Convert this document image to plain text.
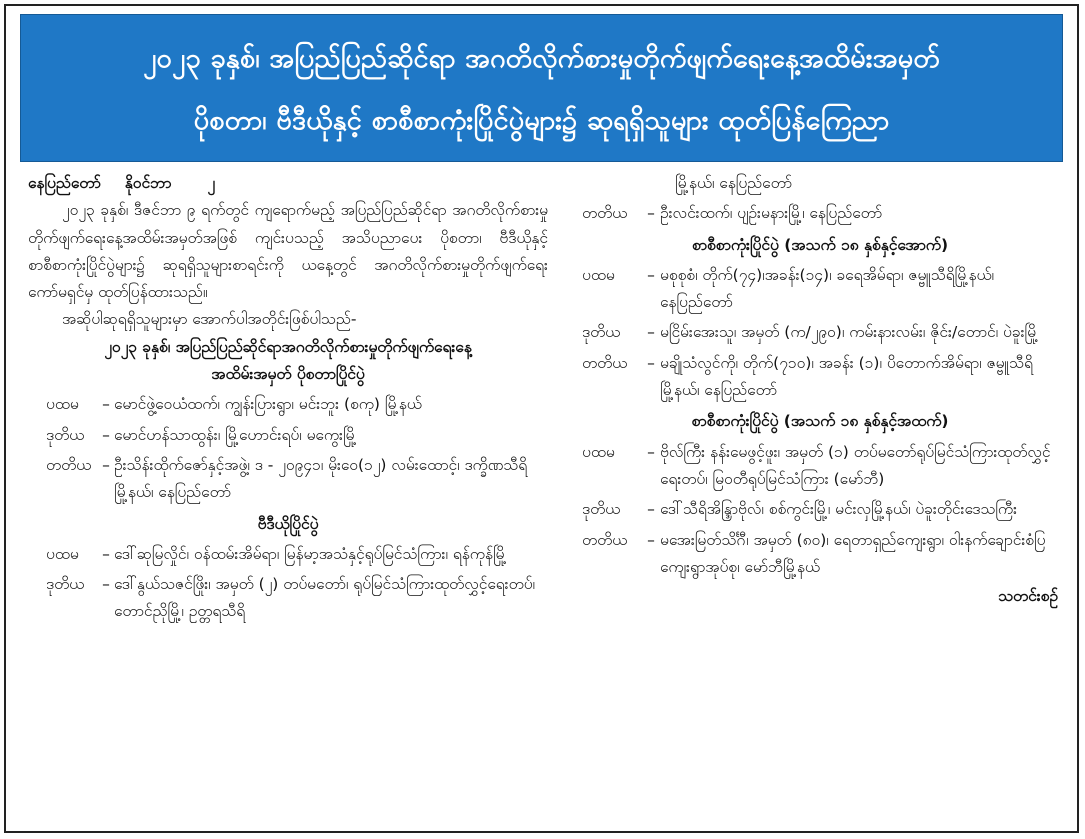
၂၀၂၃ ခုနှစ်၊ အပြည်ပြည်ဆိုင်ရာ အဂတိလိုက်စားမှုတိုက်ဖျက်ရေးနေ့အထိမ်းအမှတ်
ပိုစတာ၊ ဗီဒီယိုနှင့် စာစီစာကုံးပြိုင်ပွဲများ၌ ဆုရရှိသူများ ထုတ်ပြန်ကြေညာ
နေပြည်တော် နိုဝင်ဘာ ၂

၂၀၂၃ ခုနှစ်၊ ဒီဇင်ဘာ ၉ ရက်တွင် ကျရောက်မည့် အပြည်ပြည်ဆိုင်ရာ အဂတိလိုက်စားမှုတိုက်ဖျက်ရေးနေ့အထိမ်းအမှတ်အဖြစ် ကျင်းပသည့် အသိပညာပေး ပိုစတာ၊ ဗီဒီယိုနှင့် စာစီစာကုံးပြိုင်ပွဲများ၌ ဆုရရှိသူများစာရင်းကို ယနေ့တွင် အဂတိလိုက်စားမှုတိုက်ဖျက်ရေး ကော်မရှင်မှ ထုတ်ပြန်ထားသည်။

အဆိုပါဆုရရှိသူများမှာ အောက်ပါအတိုင်းဖြစ်ပါသည်-

၂၀၂၃ ခုနှစ်၊ အပြည်ပြည်ဆိုင်ရာအဂတိလိုက်စားမှုတိုက်ဖျက်ရေးနေ့
အထိမ်းအမှတ် ပိုစတာပြိုင်ပွဲ
ပထမ	– မောင်ဖွဲ့ဝေယံထက်၊ ကျွန်းပြားရွာ၊ မင်းဘူး (စကု) မြို့နယ်
ဒုတိယ	– မောင်ဟန်သာထွန်း၊ မြို့ဟောင်းရပ်၊ မကွေးမြို့
တတိယ – ဦးသိန်းထိုက်ဇော်နှင့်အဖွဲ့၊ ဒ - ၂၀၉၄၁၊ မိုးဝေ(၁၂) လမ်းထောင့်၊ ဒက္ခိဏသီရိမြို့နယ်၊ နေပြည်တော်
ဗီဒီယိုပြိုင်ပွဲ
ပထမ	– ဒေါ်ဆုမြလှိုင်၊ ဝန်ထမ်းအိမ်ရာ၊ မြန်မာ့အသံနှင့်ရုပ်မြင်သံကြား၊ ရန်ကုန်မြို့
ဒုတိယ	– ဒေါ်နွယ်သဇင်ဖြိုး၊ အမှတ် (၂) တပ်မတော်၊ ရုပ်မြင်သံကြားထုတ်လွှင့်ရေးတပ်၊ တောင်ညိုမြို့၊ ဥတ္တရသီရိ
မြို့နယ်၊ နေပြည်တော်
တတိယ	– ဦးလင်းထက်၊ ပျဉ်းမနားမြို့၊ နေပြည်တော်
စာစီစာကုံးပြိုင်ပွဲ (အသက် ၁၈ နှစ်နှင့်အောက်)
ပထမ	– မစုစုစံ၊ တိုက်(၇၄)၊အခန်း(၁၄)၊ ခရေအိမ်ရာ၊ ဇမ္ဗူသီရိမြို့နယ်၊ နေပြည်တော်
ဒုတိယ	– မငြိမ်းအေးသူ၊ အမှတ် (က/၂၉၀)၊ ကမ်းနားလမ်း၊ ဇိုင်း/တောင်၊ ပဲခူးမြို့
တတိယ	– မချိုသံလွင်ကို၊ တိုက်(၇၁၀)၊ အခန်း (၁)၊ ပိတောက်အိမ်ရာ၊ ဇမ္ဗူသီရိမြို့နယ်၊ နေပြည်တော်
စာစီစာကုံးပြိုင်ပွဲ (အသက် ၁၈ နှစ်နှင့်အထက်)
ပထမ	– ဗိုလ်ကြီး နန်းမေဖွင့်ဖူး၊ အမှတ် (၁) တပ်မတော်ရုပ်မြင်သံကြားထုတ်လွှင့်ရေးတပ်၊ မြဝတီရုပ်မြင်သံကြား (မော်ဘီ)
ဒုတိယ	– ဒေါ်သီရိအိန္ဒြာဗိုလ်၊ စစ်ကွင်းမြို့၊ မင်းလှမြို့နယ်၊ ပဲခူးတိုင်းဒေသကြီး
တတိယ	– မအေးမြတ်သိင်္ဂီ၊ အမှတ် (၈၀)၊ ရေတာရှည်ကျေးရွာ၊ ဝါးနက်ချောင်းစံပြကျေးရွာအုပ်စု၊ မော်ဘီမြို့နယ်
သတင်းစဉ်
